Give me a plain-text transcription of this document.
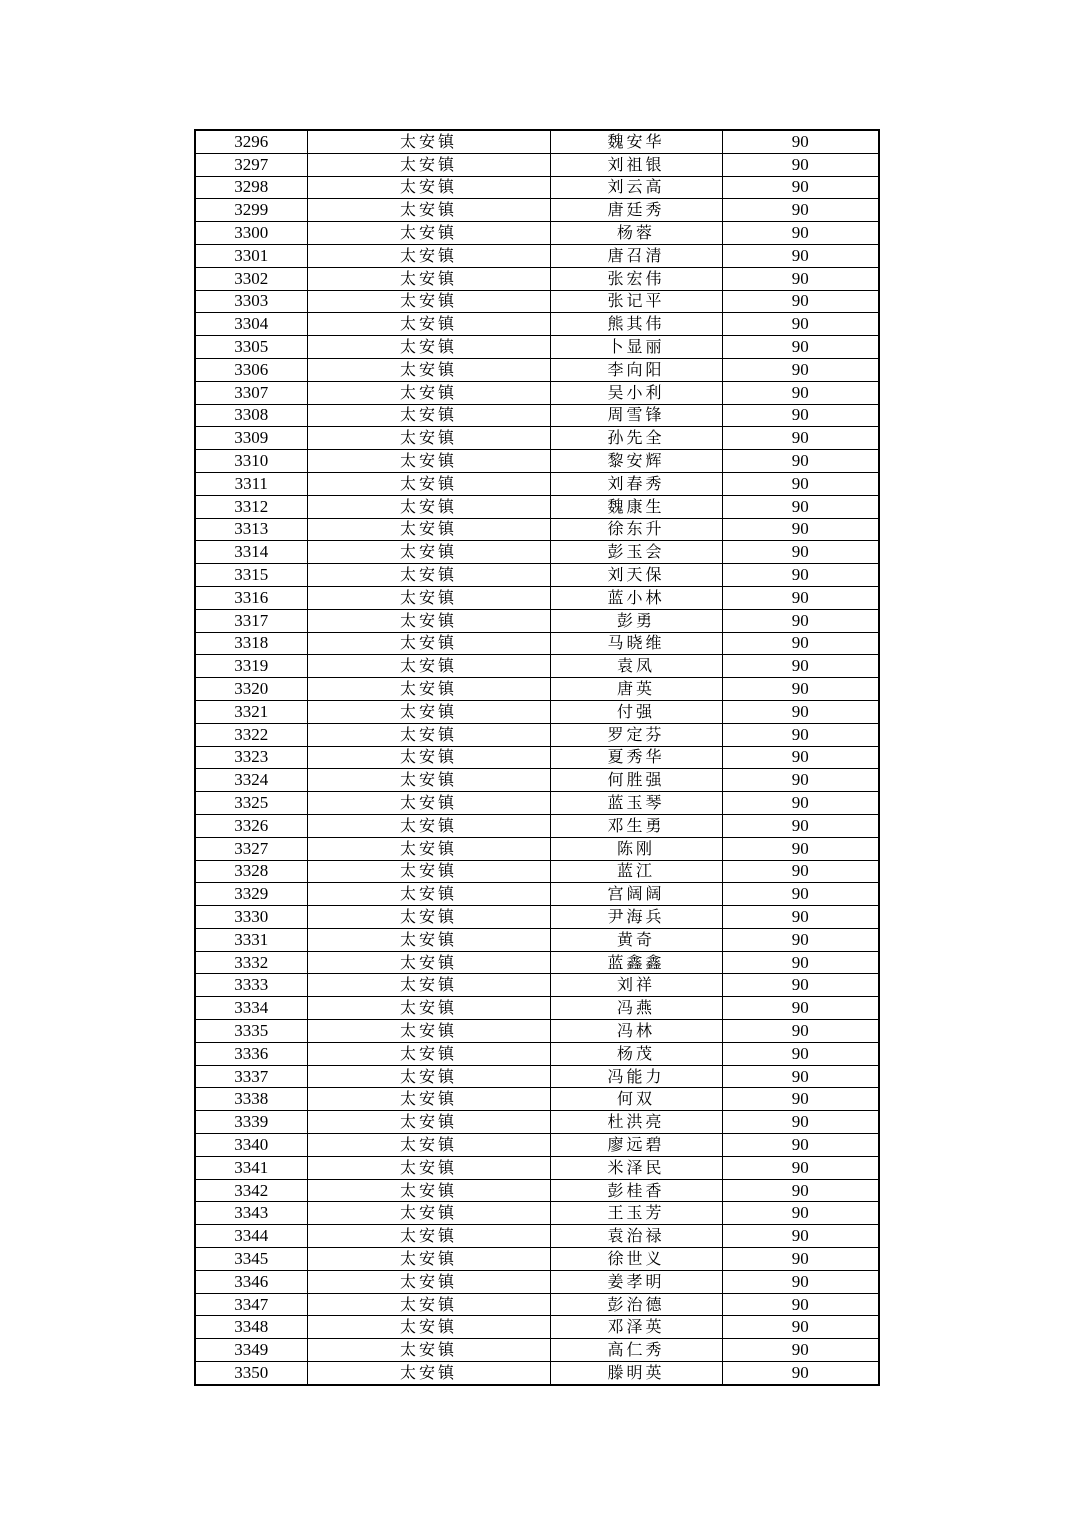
3296	太安镇	魏安华	90
3297	太安镇	刘祖银	90
3298	太安镇	刘云高	90
3299	太安镇	唐廷秀	90
3300	太安镇	杨蓉	90
3301	太安镇	唐召清	90
3302	太安镇	张宏伟	90
3303	太安镇	张记平	90
3304	太安镇	熊其伟	90
3305	太安镇	卜显丽	90
3306	太安镇	李向阳	90
3307	太安镇	吴小利	90
3308	太安镇	周雪锋	90
3309	太安镇	孙先全	90
3310	太安镇	黎安辉	90
3311	太安镇	刘春秀	90
3312	太安镇	魏康生	90
3313	太安镇	徐东升	90
3314	太安镇	彭玉会	90
3315	太安镇	刘天保	90
3316	太安镇	蓝小林	90
3317	太安镇	彭勇	90
3318	太安镇	马晓维	90
3319	太安镇	袁凤	90
3320	太安镇	唐英	90
3321	太安镇	付强	90
3322	太安镇	罗定芬	90
3323	太安镇	夏秀华	90
3324	太安镇	何胜强	90
3325	太安镇	蓝玉琴	90
3326	太安镇	邓生勇	90
3327	太安镇	陈刚	90
3328	太安镇	蓝江	90
3329	太安镇	宫阔阔	90
3330	太安镇	尹海兵	90
3331	太安镇	黄奇	90
3332	太安镇	蓝鑫鑫	90
3333	太安镇	刘祥	90
3334	太安镇	冯燕	90
3335	太安镇	冯林	90
3336	太安镇	杨茂	90
3337	太安镇	冯能力	90
3338	太安镇	何双	90
3339	太安镇	杜洪亮	90
3340	太安镇	廖远碧	90
3341	太安镇	米泽民	90
3342	太安镇	彭桂香	90
3343	太安镇	王玉芳	90
3344	太安镇	袁治禄	90
3345	太安镇	徐世义	90
3346	太安镇	姜孝明	90
3347	太安镇	彭治德	90
3348	太安镇	邓泽英	90
3349	太安镇	高仁秀	90
3350	太安镇	滕明英	90
